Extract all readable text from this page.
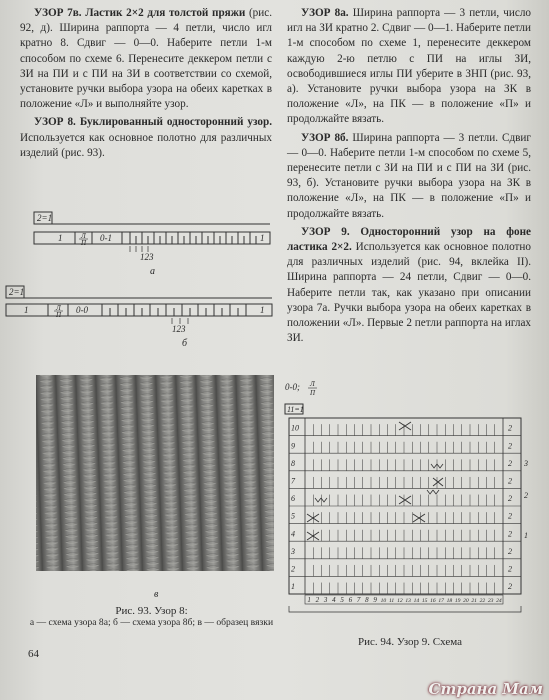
УЗОР 7в. Ластик 2×2 для толстой пряжи (рис. 92, д). Ширина раппорта — 4 петли, число игл кратно 8. Сдвиг — 0—0. Наберите петли 1-м способом по схеме 6. Перенесите деккером петли с ЗИ на ПИ и с ПИ на ЗИ в соответствии со схемой, установите ручки выбора узора на обеих каретках в положение «Л» и выполняйте узор.

УЗОР 8. Буклированный односторонний узор. Используется как основное полотно для различных изделий (рис. 93).

УЗОР 8а. Ширина раппорта — 3 петли, число игл на ЗИ кратно 2. Сдвиг — 0—1. Наберите петли 1-м способом по схеме 1, перенесите деккером каждую 2-ю петлю с ПИ на иглы ЗИ, освободившиеся иглы ПИ уберите в ЗНП (рис. 93, а). Установите ручки выбора узора на ЗК в положение «Л», на ПК — в положение «П» и продолжайте вязать.

УЗОР 8б. Ширина раппорта — 3 петли. Сдвиг — 0—0. Наберите петли 1-м способом по схеме 5, перенесите петли с ЗИ на ПИ и с ПИ на ЗИ (рис. 93, б). Установите ручки выбора узора на ЗК в положение «Л», на ПК — в положение «П» и продолжайте вязать.

УЗОР 9. Односторонний узор на фоне ластика 2×2. Используется как основное полотно для различных изделий (рис. 94, вклейка II). Ширина раппорта — 24 петли, Сдвиг — 0—0. Наберите петли так, как указано при описании узора 7а. Ручки выбора узора на обеих каретках в положении «Л». Первые 2 петли раппорта на иглах ЗИ.

2=1
1	Л
П 0-1	1
123
а
2=1
1	Л
П 0-0	1
123
б
в
Рис. 93. Узор 8:
а — схема узора 8а; б — схема узора 8б; в — образец вязки
0-0; Л
П
11=1
10	2
9	2
8	2
7	2
6	2
5	2
4	2
3	2
2	2
1	2
1 2 3 4 5 6 7 8 9 10 11 12 13 14 15 16 17 18 19 20 21 22 23 24
3
2
1
Рис. 94. Узор 9. Схема
64
Страна Мам
